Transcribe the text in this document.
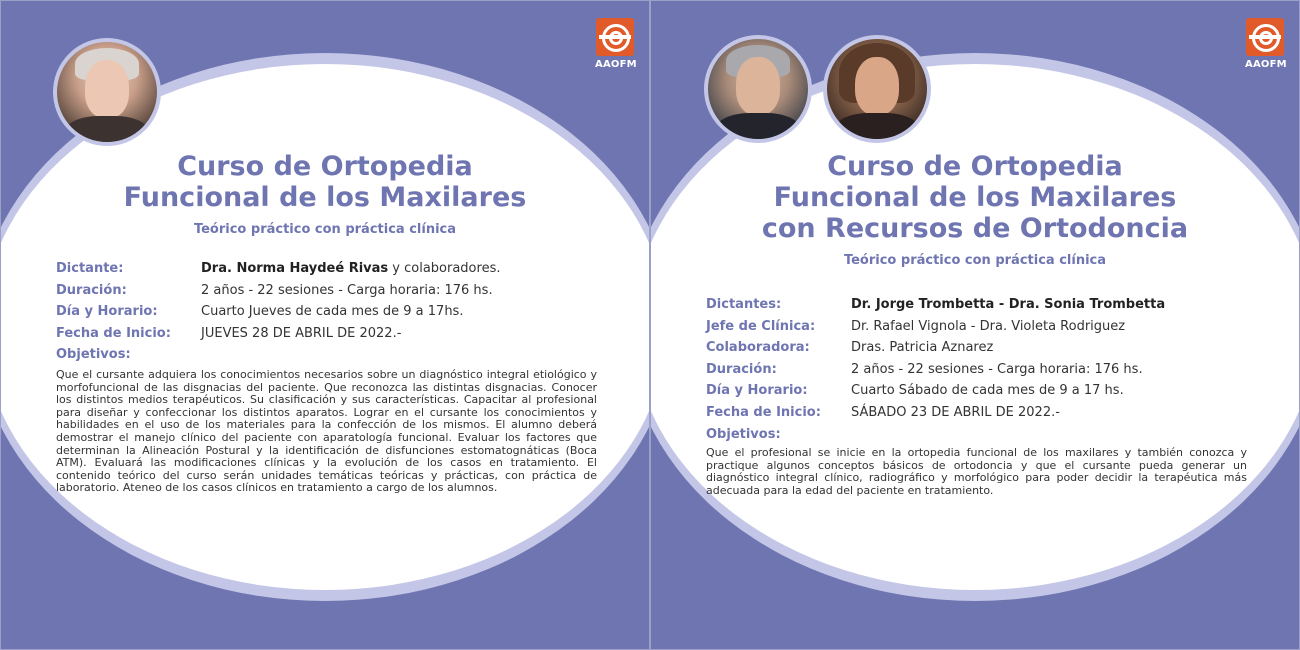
AAOFM
Curso de Ortopedia
Funcional de los Maxilares
Teórico práctico con práctica clínica
Dictante:	Dra. Norma Haydeé Rivas y colaboradores.
Duración:	2 años - 22 sesiones - Carga horaria: 176 hs.
Día y Horario:	Cuarto Jueves de cada mes de 9 a 17hs.
Fecha de Inicio: JUEVES 28 DE ABRIL DE 2022.-
Objetivos:
Que el cursante adquiera los conocimientos necesarios sobre un diagnóstico integral etiológico y morfofuncional de las disgnacias del paciente. Que reconozca las distintas disgnacias. Conocer los distintos medios terapéuticos. Su clasificación y sus características. Capacitar al profesional para diseñar y confeccionar los distintos aparatos. Lograr en el cursante los conocimientos y habilidades en el uso de los materiales para la confección de los mismos. El alumno deberá demostrar el manejo clínico del paciente con aparatología funcional. Evaluar los factores que determinan la Alineación Postural y la identificación de disfunciones estomatognáticas (Boca ATM). Evaluará las modificaciones clínicas y la evolución de los casos en tratamiento. El contenido teórico del curso serán unidades temáticas teóricas y prácticas, con práctica de laboratorio. Ateneo de los casos clínicos en tratamiento a cargo de los alumnos.
AAOFM
Curso de Ortopedia
Funcional de los Maxilares
con Recursos de Ortodoncia
Teórico práctico con práctica clínica
Dictantes:	Dr. Jorge Trombetta - Dra. Sonia Trombetta
Jefe de Clínica:	Dr. Rafael Vignola - Dra. Violeta Rodriguez
Colaboradora:	Dras. Patricia Aznarez
Duración:	2 años - 22 sesiones - Carga horaria: 176 hs.
Día y Horario:	Cuarto Sábado de cada mes de 9 a 17 hs.
Fecha de Inicio: SÁBADO 23 DE ABRIL DE 2022.-
Objetivos:
Que el profesional se inicie en la ortopedia funcional de los maxilares y también conozca y practique algunos conceptos básicos de ortodoncia y que el cursante pueda generar un diagnóstico integral clínico, radiográfico y morfológico para poder decidir la terapéutica más adecuada para la edad del paciente en tratamiento.
